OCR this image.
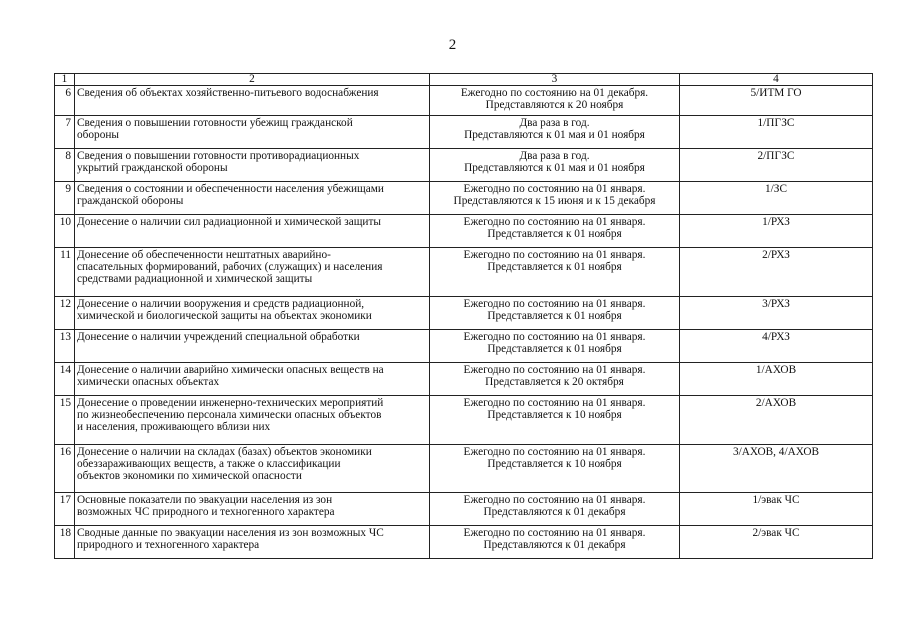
2
1	2	3	4
6	Сведения об объектах хозяйственно-питьевого водоснабжения	Ежегодно по состоянию на 01 декабря.
Представляются к 20 ноября	5/ИТМ ГО
7	Сведения о повышении готовности убежищ гражданской
обороны	Два раза в год.
Представляются к 01 мая и 01 ноября	1/ПГЗС
8	Сведения о повышении готовности противорадиационных
укрытий гражданской обороны	Два раза в год.
Представляются к 01 мая и 01 ноября	2/ПГЗС
9	Сведения о состоянии и обеспеченности населения убежищами
гражданской обороны	Ежегодно по состоянию на 01 января.
Представляются к 15 июня и к 15 декабря	1/ЗС
10	Донесение о наличии сил радиационной и химической защиты	Ежегодно по состоянию на 01 января.
Представляется к 01 ноября	1/РХЗ
11	Донесение об обеспеченности нештатных аварийно-
спасательных формирований, рабочих (служащих) и населения
средствами радиационной и химической защиты	Ежегодно по состоянию на 01 января.
Представляется к 01 ноября	2/РХЗ
12	Донесение о наличии вооружения и средств радиационной,
химической и биологической защиты на объектах экономики	Ежегодно по состоянию на 01 января.
Представляется к 01 ноября	3/РХЗ
13	Донесение о наличии учреждений специальной обработки	Ежегодно по состоянию на 01 января.
Представляется к 01 ноября	4/РХЗ
14	Донесение о наличии аварийно химически опасных веществ на
химически опасных объектах	Ежегодно по состоянию на 01 января.
Представляется к 20 октября	1/АХОВ
15	Донесение о проведении инженерно-технических мероприятий
по жизнеобеспечению персонала химически опасных объектов
и населения, проживающего вблизи них	Ежегодно по состоянию на 01 января.
Представляется к 10 ноября	2/АХОВ
16	Донесение о наличии на складах (базах) объектов экономики
обеззараживающих веществ, а также о классификации
объектов экономики по химической опасности	Ежегодно по состоянию на 01 января.
Представляется к 10 ноября	3/АХОВ, 4/АХОВ
17	Основные показатели по эвакуации населения из зон
возможных ЧС природного и техногенного характера	Ежегодно по состоянию на 01 января.
Представляются к 01 декабря	1/эвак ЧС
18	Сводные данные по эвакуации населения из зон возможных ЧС
природного и техногенного характера	Ежегодно по состоянию на 01 января.
Представляются к 01 декабря	2/эвак ЧС
